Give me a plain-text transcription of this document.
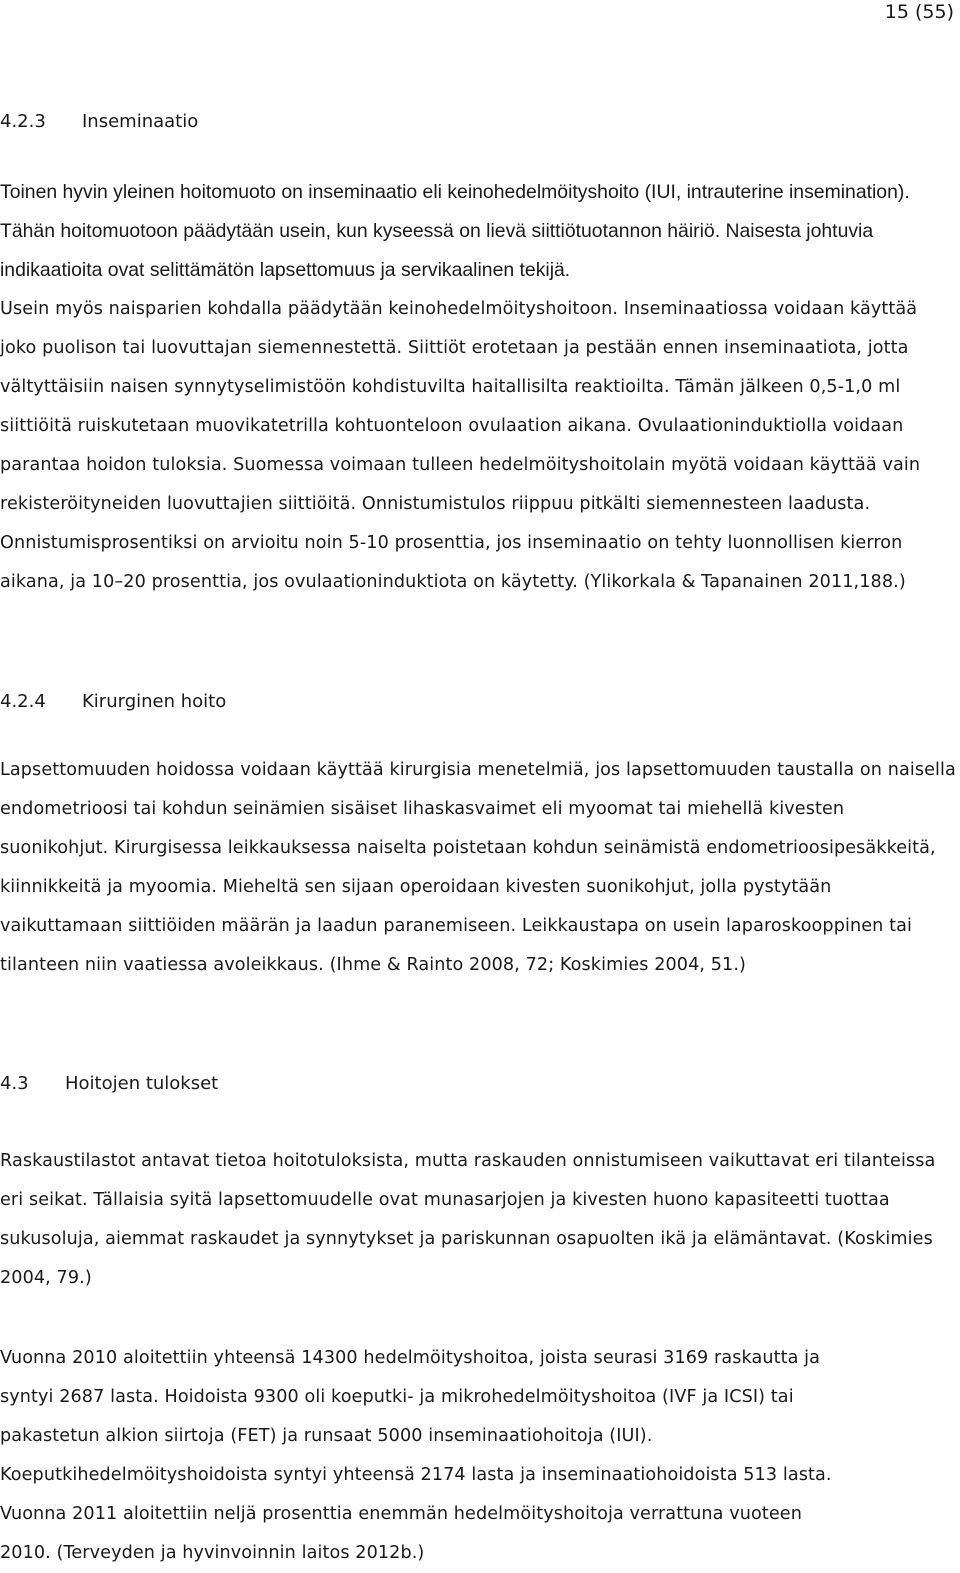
15 (55)
4.2.3 Inseminaatio

Toinen hyvin yleinen hoitomuoto on inseminaatio eli keinohedelmöityshoito (IUI, intrauterine insemination). Tähän hoitomuotoon päädytään usein, kun kyseessä on lievä siittiötuotannon häiriö. Naisesta johtuvia indikaatioita ovat selittämätön lapsettomuus ja servikaalinen tekijä.

Usein myös naisparien kohdalla päädytään keinohedelmöityshoitoon. Inseminaatiossa voidaan käyttää joko puolison tai luovuttajan siemennestettä. Siittiöt erotetaan ja pestään ennen inseminaatiota, jotta vältyttäisiin naisen synnytyselimistöön kohdistuvilta haitallisilta reaktioilta. Tämän jälkeen 0,5-1,0 ml siittiöitä ruiskutetaan muovikatetrilla kohtuonteloon ovulaation aikana. Ovulaationinduktiolla voidaan parantaa hoidon tuloksia. Suomessa voimaan tulleen hedelmöityshoitolain myötä voidaan käyttää vain rekisteröityneiden luovuttajien siittiöitä. Onnistumistulos riippuu pitkälti siemennesteen laadusta. Onnistumisprosentiksi on arvioitu noin 5-10 prosenttia, jos inseminaatio on tehty luonnollisen kierron aikana, ja 10–20 prosenttia, jos ovulaationinduktiota on käytetty. (Ylikorkala & Tapanainen 2011,188.)

4.2.4 Kirurginen hoito

Lapsettomuuden hoidossa voidaan käyttää kirurgisia menetelmiä, jos lapsettomuuden taustalla on naisella endometrioosi tai kohdun seinämien sisäiset lihaskasvaimet eli myoomat tai miehellä kivesten suonikohjut. Kirurgisessa leikkauksessa naiselta poistetaan kohdun seinämistä endometrioosipesäkkeitä, kiinnikkeitä ja myoomia. Mieheltä sen sijaan operoidaan kivesten suonikohjut, jolla pystytään vaikuttamaan siittiöiden määrän ja laadun paranemiseen. Leikkaustapa on usein laparoskooppinen tai tilanteen niin vaatiessa avoleikkaus. (Ihme & Rainto 2008, 72; Koskimies 2004, 51.)

4.3 Hoitojen tulokset

Raskaustilastot antavat tietoa hoitotuloksista, mutta raskauden onnistumiseen vaikuttavat eri tilanteissa eri seikat. Tällaisia syitä lapsettomuudelle ovat munasarjojen ja kivesten huono kapasiteetti tuottaa sukusoluja, aiemmat raskaudet ja synnytykset ja pariskunnan osapuolten ikä ja elämäntavat. (Koskimies 2004, 79.)

Vuonna 2010 aloitettiin yhteensä 14300 hedelmöityshoitoa, joista seurasi 3169 raskautta ja
syntyi 2687 lasta. Hoidoista 9300 oli koeputki- ja mikrohedelmöityshoitoa (IVF ja ICSI) tai
pakastetun alkion siirtoja (FET) ja runsaat 5000 inseminaatiohoitoja (IUI).
Koeputkihedelmöityshoidoista syntyi yhteensä 2174 lasta ja inseminaatiohoidoista 513 lasta.
Vuonna 2011 aloitettiin neljä prosenttia enemmän hedelmöityshoitoja verrattuna vuoteen
2010. (Terveyden ja hyvinvoinnin laitos 2012b.)
